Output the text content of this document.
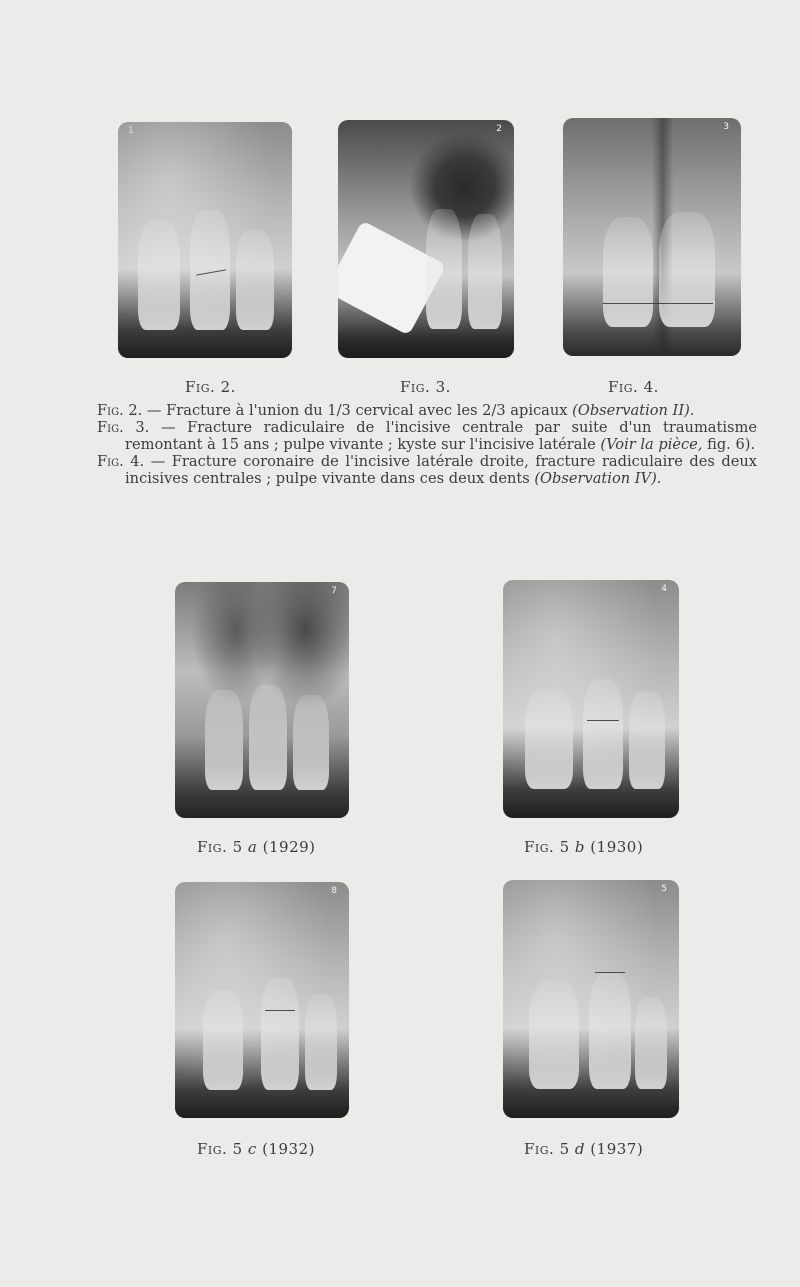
1	2	3
Fig. 2.	Fig. 3.	Fig. 4.

Fig. 2. — Fracture à l'union du 1/3 cervical avec les 2/3 apicaux (Observation II).

Fig. 3. — Fracture radiculaire de l'incisive centrale par suite d'un traumatisme remontant à 15 ans ; pulpe vivante ; kyste sur l'incisive latérale (Voir la pièce, fig. 6).

Fig. 4. — Fracture coronaire de l'incisive latérale droite, fracture radiculaire des deux incisives centrales ; pulpe vivante dans ces deux dents (Observation IV).

7	4
Fig. 5 a (1929)	Fig. 5 b (1930)
8	5
Fig. 5 c (1932)	Fig. 5 d (1937)
